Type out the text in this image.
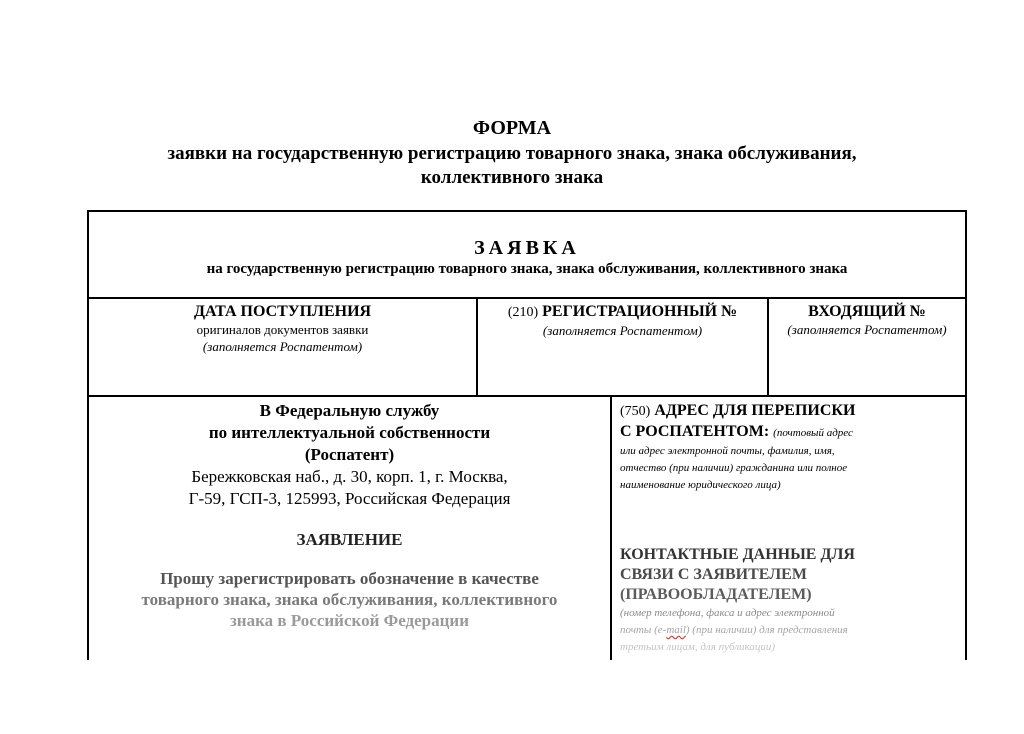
ФОРМА
заявки на государственную регистрацию товарного знака, знака обслуживания,
коллективного знака
ЗАЯВКА
на государственную регистрацию товарного знака, знака обслуживания, коллективного знака
ДАТА ПОСТУПЛЕНИЯ
оригиналов документов заявки
(заполняется Роспатентом)
(210) РЕГИСТРАЦИОННЫЙ №
(заполняется Роспатентом)
ВХОДЯЩИЙ №
(заполняется Роспатентом)
В Федеральную службу
по интеллектуальной собственности
(Роспатент)
Бережковская наб., д. 30, корп. 1, г. Москва,
Г-59, ГСП-3, 125993, Российская Федерация
ЗАЯВЛЕНИЕ
Прошу зарегистрировать обозначение в качестве
товарного знака, знака обслуживания, коллективного
знака в Российской Федерации
(750) АДРЕС ДЛЯ ПЕРЕПИСКИ
С РОСПАТЕНТОМ: (почтовый адрес
или адрес электронной почты, фамилия, имя,
отчество (при наличии) гражданина или полное
наименование юридического лица)
КОНТАКТНЫЕ ДАННЫЕ ДЛЯ
СВЯЗИ С ЗАЯВИТЕЛЕМ
(ПРАВООБЛАДАТЕЛЕМ)
(номер телефона, факса и адрес электронной
почты (e-mail) (при наличии) для представления
третьим лицам, для публикации)
